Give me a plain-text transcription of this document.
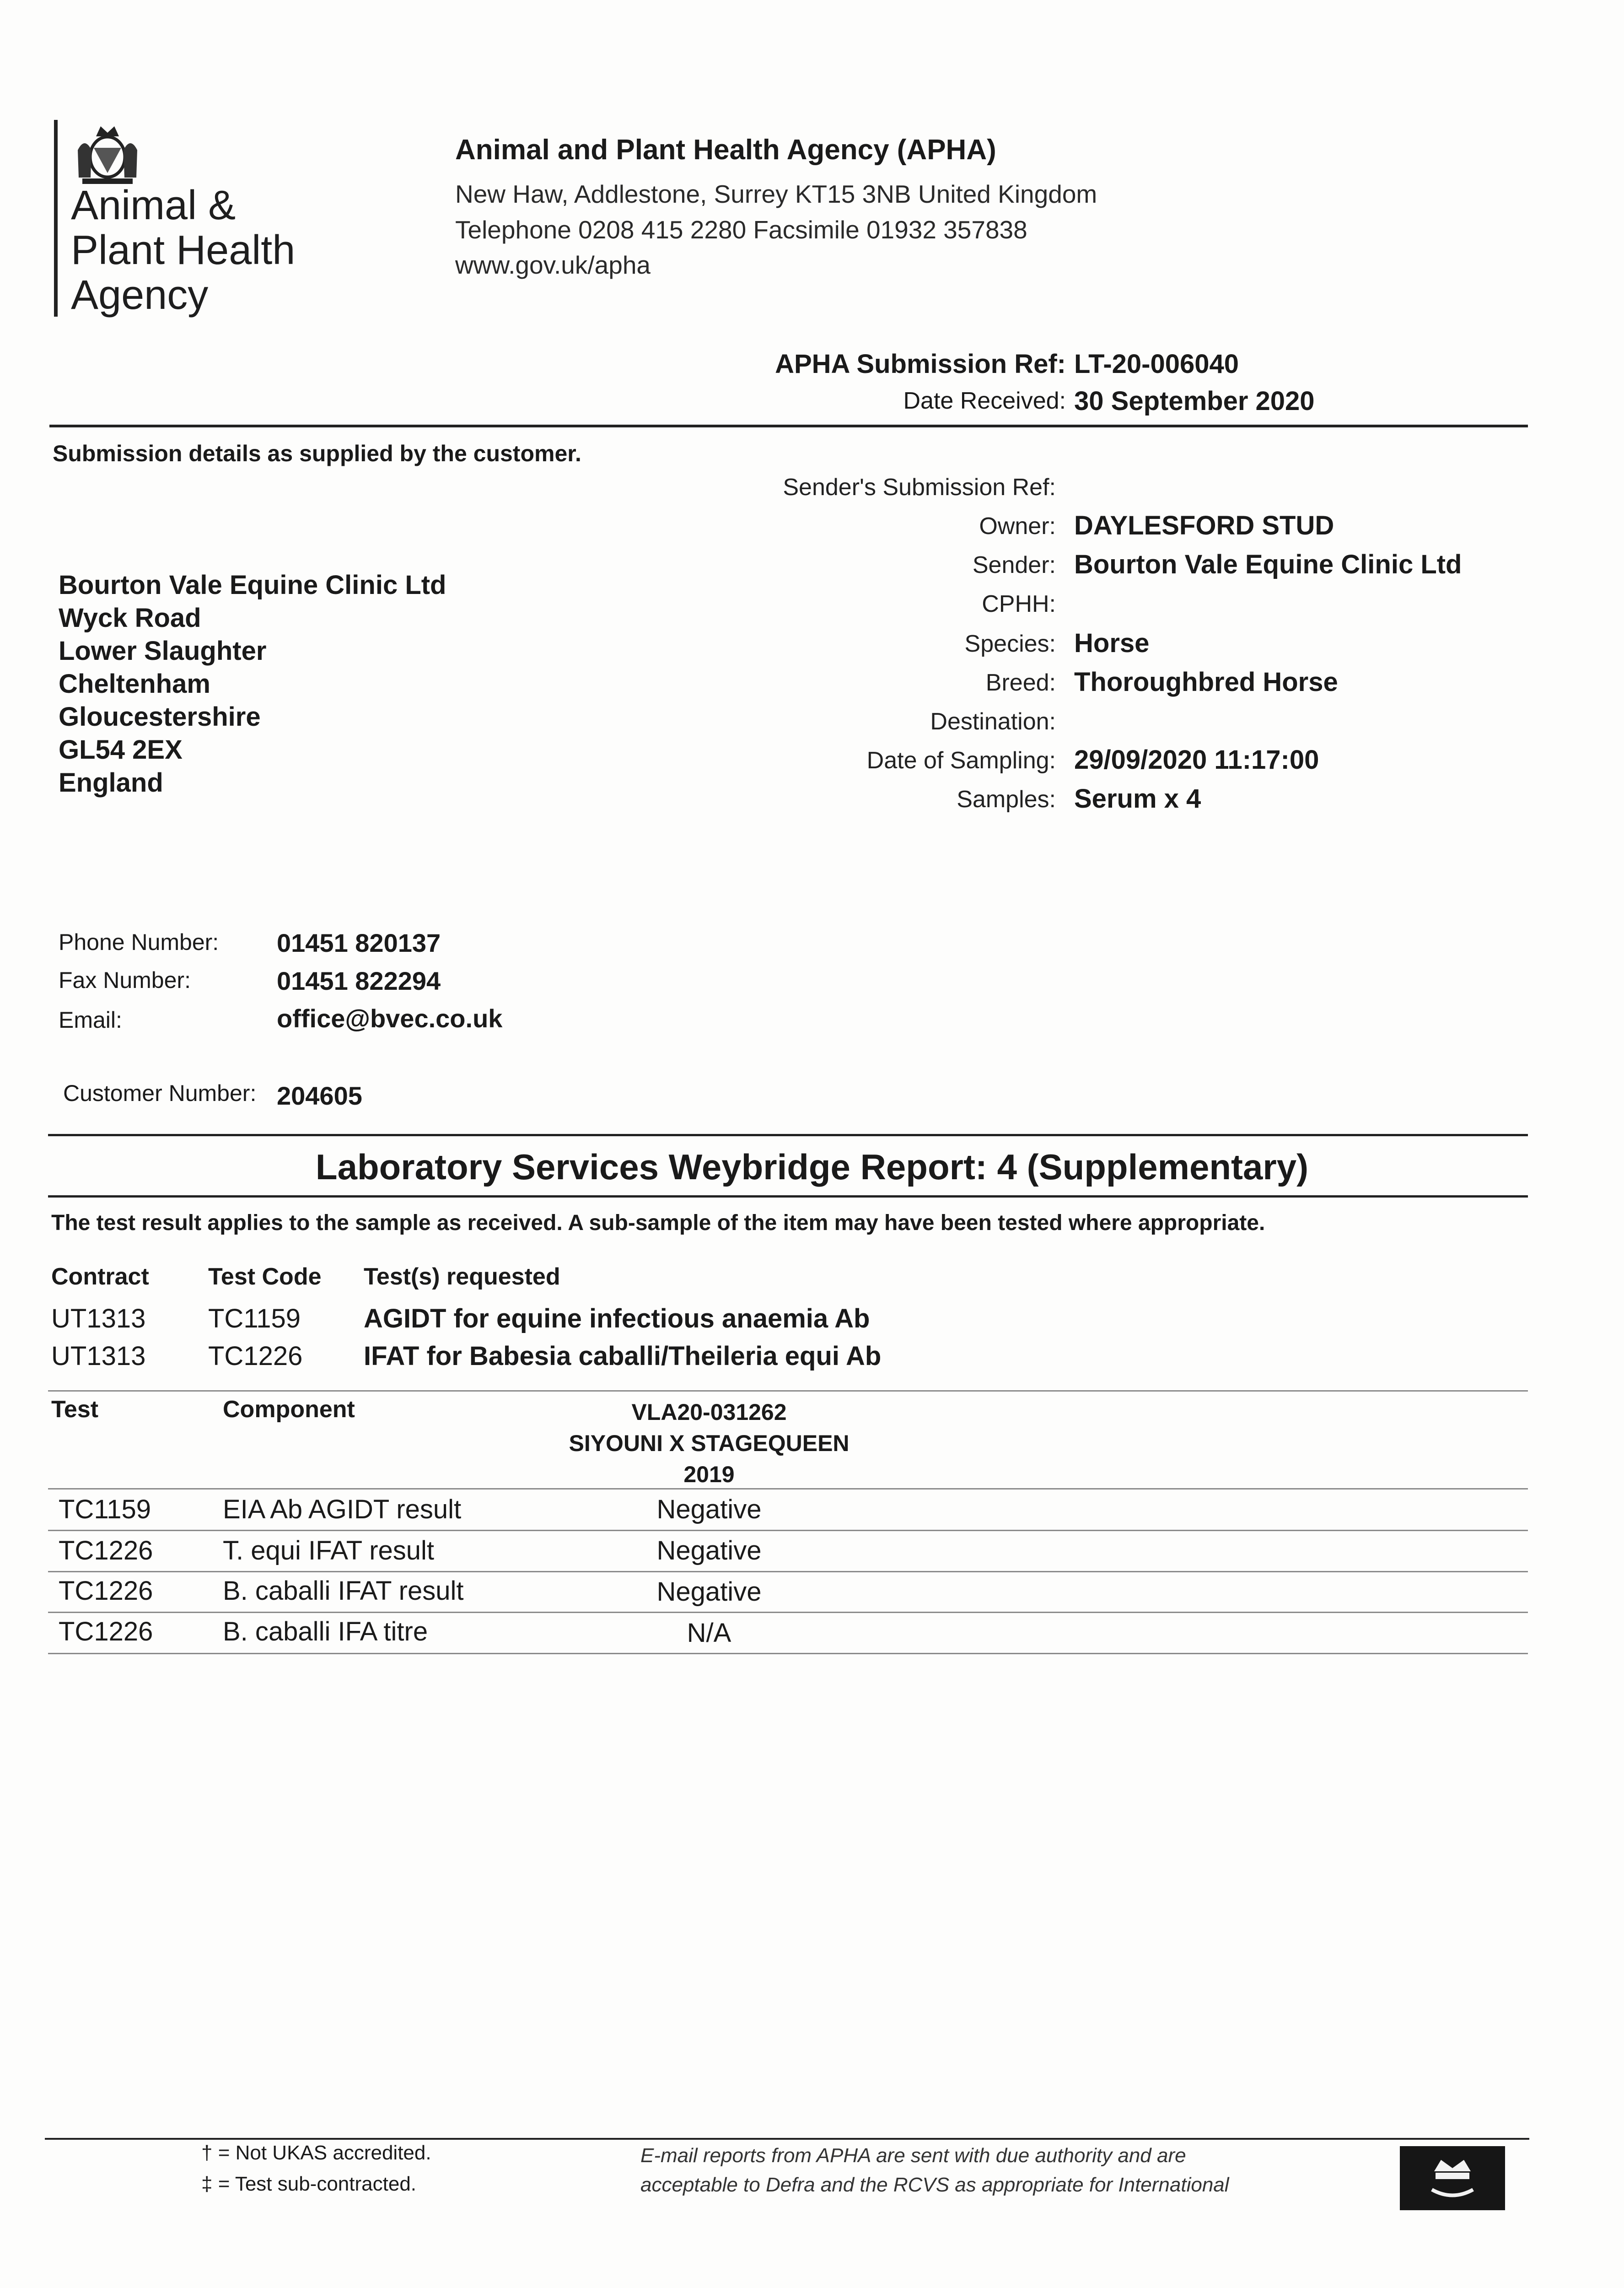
Animal &
Plant Health
Agency
Animal and Plant Health Agency (APHA)
New Haw, Addlestone, Surrey KT15 3NB United Kingdom
Telephone 0208 415 2280 Facsimile 01932 357838
www.gov.uk/apha
APHA Submission Ref: LT-20-006040
Date Received: 30 September 2020
Submission details as supplied by the customer.
Sender's Submission Ref:
Owner: DAYLESFORD STUD
Sender: Bourton Vale Equine Clinic Ltd
CPHH:
Species: Horse
Breed: Thoroughbred Horse
Destination:
Date of Sampling: 29/09/2020 11:17:00
Samples: Serum x 4
Bourton Vale Equine Clinic Ltd
Wyck Road
Lower Slaughter
Cheltenham
Gloucestershire
GL54 2EX
England
Phone Number: 01451 820137
Fax Number:	01451 822294
Email:	office@bvec.co.uk
Customer Number: 204605
Laboratory Services Weybridge Report: 4 (Supplementary)
The test result applies to the sample as received. A sub-sample of the item may have been tested where appropriate.
Contract Test Code Test(s) requested
UT1313 TC1159 AGIDT for equine infectious anaemia Ab
UT1313 TC1226 IFAT for Babesia caballi/Theileria equi Ab
Test	Component	VLA20-031262
SIYOUNI X STAGEQUEEN
2019
TC1159	EIA Ab AGIDT result	Negative
TC1226	T. equi IFAT result	Negative
TC1226	B. caballi IFAT result	Negative
TC1226	B. caballi IFA titre	N/A
† = Not UKAS accredited.
‡ = Test sub-contracted.
E-mail reports from APHA are sent with due authority and are
acceptable to Defra and the RCVS as appropriate for International
